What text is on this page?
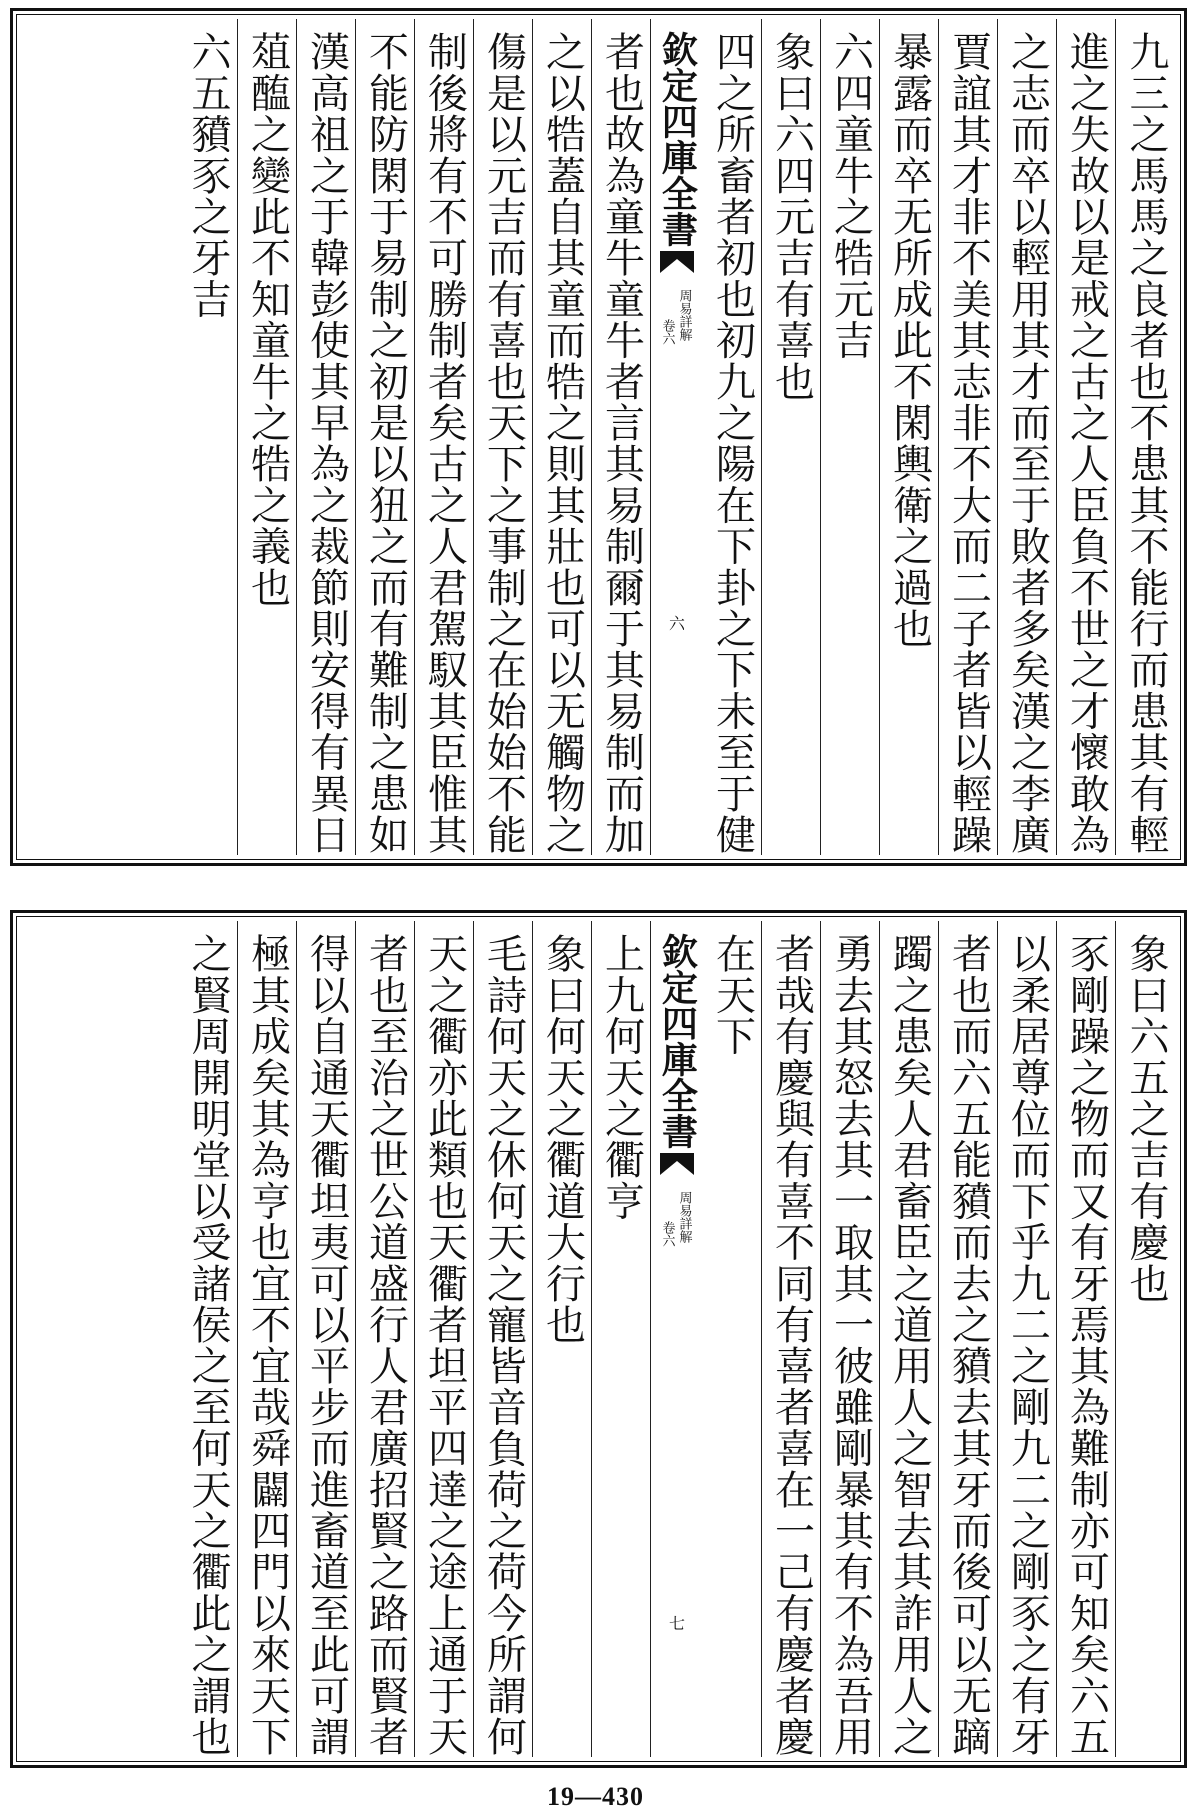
九三之馬馬之良者也不患其不能行而患其有輕
進之失故以是戒之古之人臣負不世之才懷敢為
之志而卒以輕用其才而至于敗者多矣漢之李廣
賈誼其才非不美其志非不大而二子者皆以輕躁
暴露而卒无所成此不閑輿衛之過也
六四童牛之牿元吉
象曰六四元吉有喜也
四之所畜者初也初九之陽在下卦之下未至于健
欽定四庫全書
周易詳解
卷六
六
者也故為童牛童牛者言其易制爾于其易制而加
之以牿蓋自其童而牿之則其壯也可以无觸物之
傷是以元吉而有喜也天下之事制之在始始不能
制後將有不可勝制者矣古之人君駕馭其臣惟其
不能防閑于易制之初是以狃之而有難制之患如
漢高祖之于韓彭使其早為之裁節則安得有異日
葅醢之變此不知童牛之牿之義也
六五豶豕之牙吉
象曰六五之吉有慶也
豕剛躁之物而又有牙焉其為難制亦可知矣六五
以柔居尊位而下乎九二之剛九二之剛豕之有牙
者也而六五能豶而去之豶去其牙而後可以无蹢
躅之患矣人君畜臣之道用人之智去其詐用人之
勇去其怒去其一取其一彼雖剛暴其有不為吾用
者哉有慶與有喜不同有喜者喜在一己有慶者慶
在天下
欽定四庫全書
周易詳解
卷六
七
上九何天之衢亨
象曰何天之衢道大行也
毛詩何天之休何天之寵皆音負荷之荷今所謂何
天之衢亦此類也天衢者坦平四達之途上通于天
者也至治之世公道盛行人君廣招賢之路而賢者
得以自通天衢坦夷可以平步而進畜道至此可謂
極其成矣其為亨也宜不宜哉舜闢四門以來天下
之賢周開明堂以受諸侯之至何天之衢此之謂也
19—430
